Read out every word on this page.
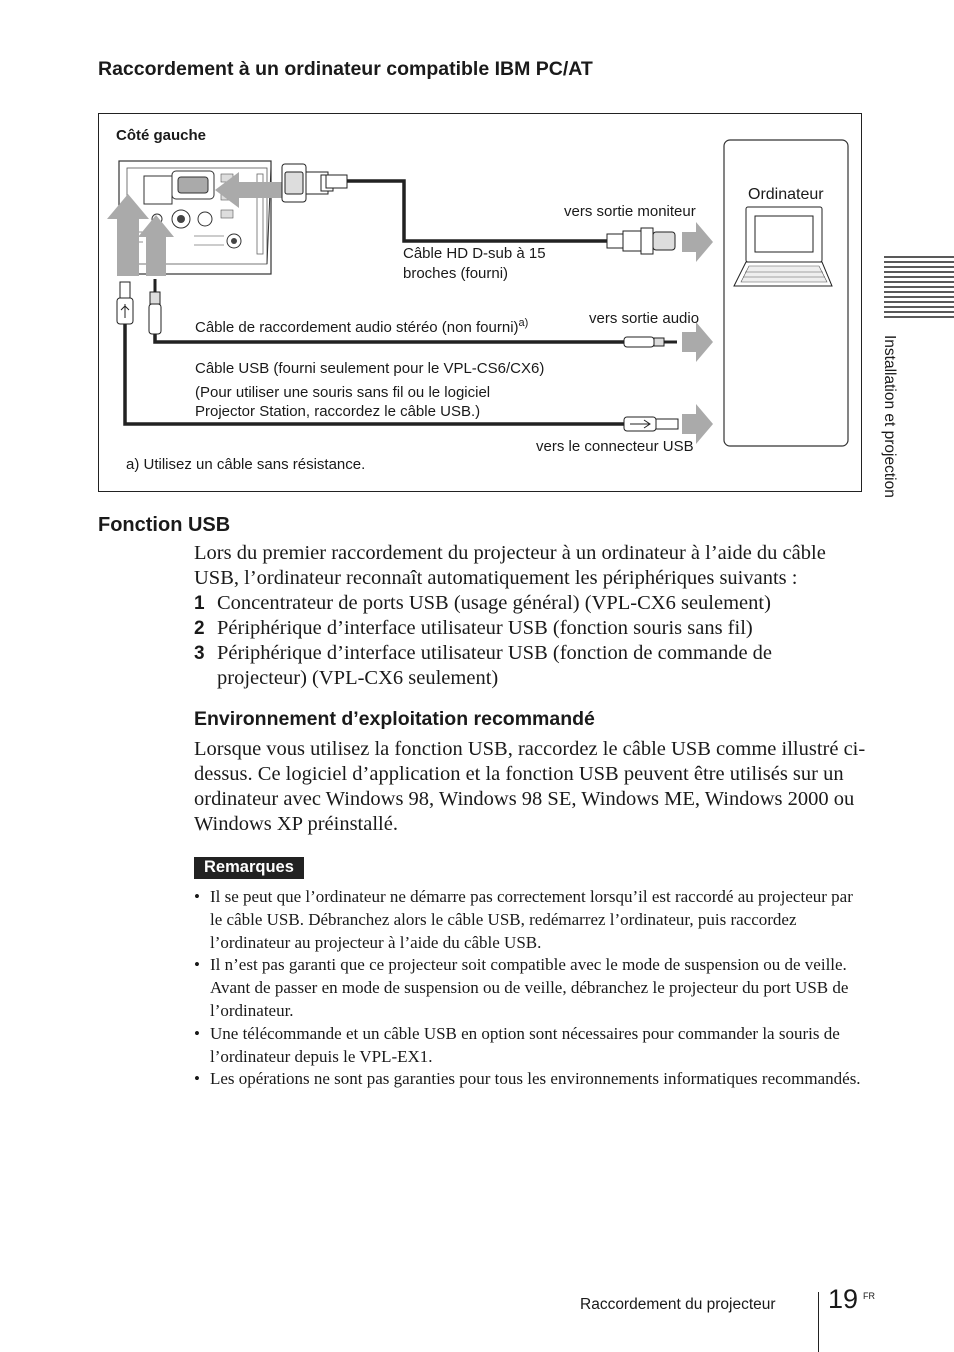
Raccordement à un ordinateur compatible IBM PC/AT
Côté gauche
Ordinateur
vers sortie moniteur
Câble HD D-sub à 15
broches (fourni)
Câble de raccordement audio stéréo (non fourni)$^{a)}$	vers sortie audio
Câble USB (fourni seulement pour le VPL-CS6/CX6)
(Pour utiliser une souris sans fil ou le logiciel
Projector Station, raccordez le câble USB.)
vers le connecteur USB
a) Utilisez un câble sans résistance.
Fonction USB
Lors du premier raccordement du projecteur à un ordinateur à l’aide du câble USB, l’ordinateur reconnaît automatiquement les périphériques suivants :
1 Concentrateur de ports USB (usage général) (VPL-CX6 seulement)
2 Périphérique d’interface utilisateur USB (fonction souris sans fil)
3 Périphérique d’interface utilisateur USB (fonction de commande de projecteur) (VPL-CX6 seulement)
Environnement d’exploitation recommandé
Lorsque vous utilisez la fonction USB, raccordez le câble USB comme illustré ci-dessus. Ce logiciel d’application et la fonction USB peuvent être utilisés sur un ordinateur avec Windows 98, Windows 98 SE, Windows ME, Windows 2000 ou Windows XP préinstallé.
Remarques
• Il se peut que l’ordinateur ne démarre pas correctement lorsqu’il est raccordé au projecteur par le câble USB. Débranchez alors le câble USB, redémarrez l’ordinateur, puis raccordez l’ordinateur au projecteur à l’aide du câble USB.
• Il n’est pas garanti que ce projecteur soit compatible avec le mode de suspension ou de veille. Avant de passer en mode de suspension ou de veille, débranchez le projecteur du port USB de l’ordinateur.
• Une télécommande et un câble USB en option sont nécessaires pour commander la souris de l’ordinateur depuis le VPL-EX1.
• Les opérations ne sont pas garanties pour tous les environnements informatiques recommandés.
Installation et projection
Raccordement du projecteur 19 FR
